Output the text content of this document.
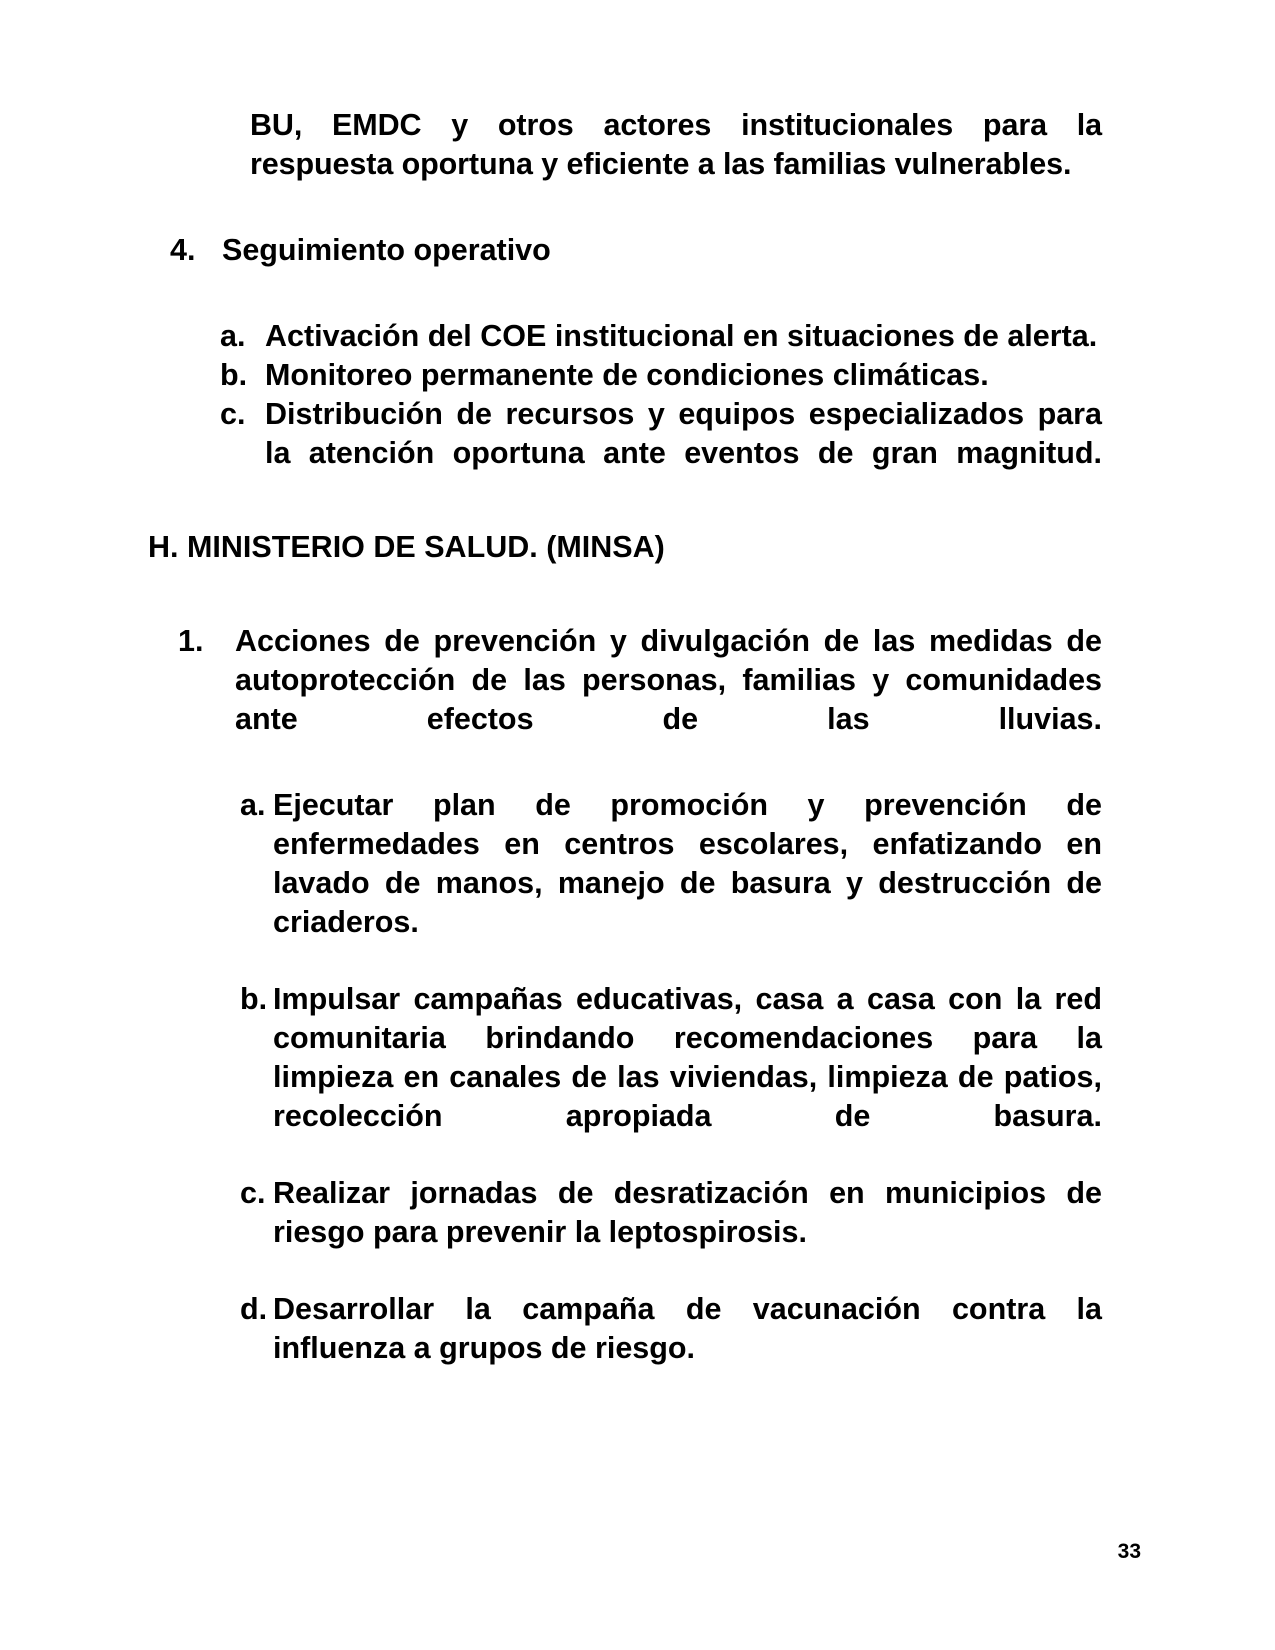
BU, EMDC y otros actores institucionales para la respuesta oportuna y eficiente a las familias vulnerables.

4. Seguimiento operativo
a. Activación del COE institucional en situaciones de alerta.
b. Monitoreo permanente de condiciones climáticas.
c. Distribución de recursos y equipos especializados para la atención oportuna ante eventos de gran magnitud.
H. MINISTERIO DE SALUD. (MINSA)
1.	Acciones de prevención y divulgación de las medidas de autoprotección de las personas, familias y comunidades ante efectos de las lluvias.
a. Ejecutar plan de promoción y prevención de enfermedades en centros escolares, enfatizando en lavado de manos, manejo de basura y destrucción de criaderos.
b. Impulsar campañas educativas, casa a casa con la red comunitaria brindando recomendaciones para la limpieza en canales de las viviendas, limpieza de patios, recolección apropiada de basura.
c. Realizar jornadas de desratización en municipios de riesgo para prevenir la leptospirosis.
d. Desarrollar la campaña de vacunación contra la influenza a grupos de riesgo.
33
